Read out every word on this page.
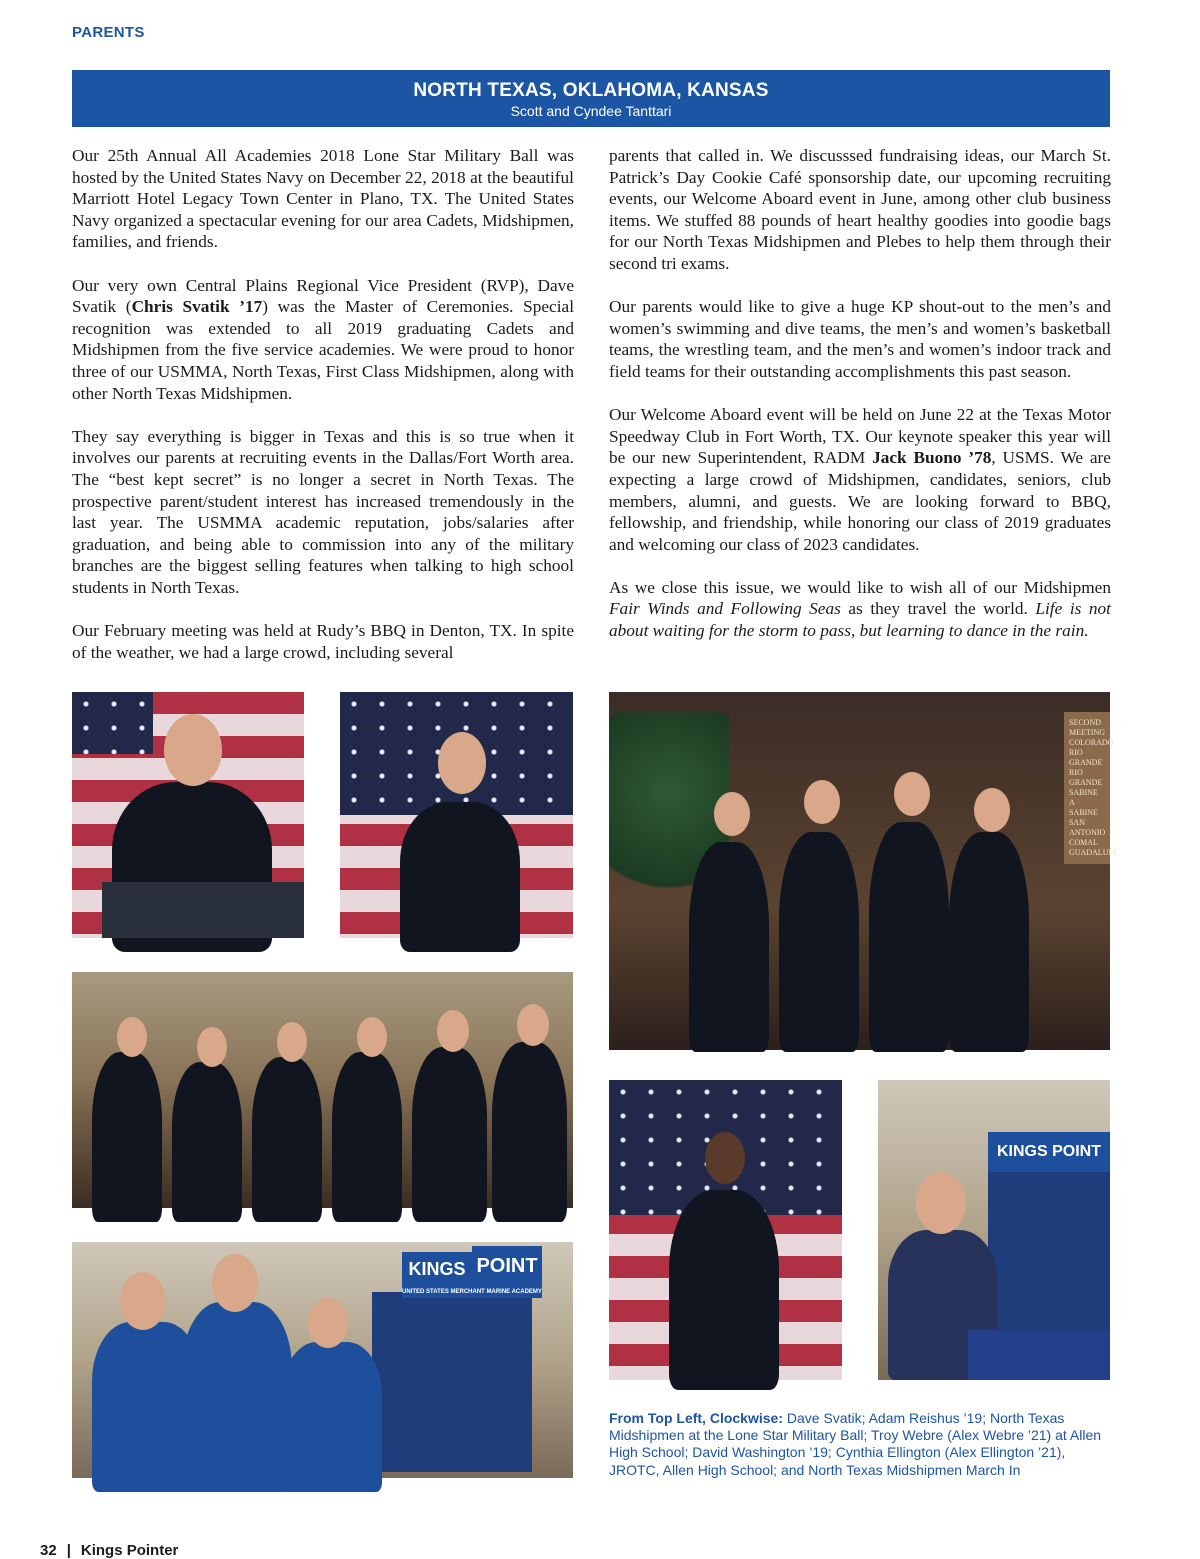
PARENTS
NORTH TEXAS, OKLAHOMA, KANSAS
Scott and Cyndee Tanttari

Our 25th Annual All Academies 2018 Lone Star Military Ball was hosted by the United States Navy on December 22, 2018 at the beautiful Marriott Hotel Legacy Town Center in Plano, TX. The United States Navy organized a spectacular evening for our area Cadets, Midshipmen, families, and friends.

Our very own Central Plains Regional Vice President (RVP), Dave Svatik (Chris Svatik ’17) was the Master of Ceremonies. Special recognition was extended to all 2019 graduating Cadets and Midshipmen from the five service academies. We were proud to honor three of our USMMA, North Texas, First Class Midshipmen, along with other North Texas Midshipmen.

They say everything is bigger in Texas and this is so true when it involves our parents at recruiting events in the Dallas/Fort Worth area. The “best kept secret” is no longer a secret in North Texas. The prospective parent/student interest has increased tremendously in the last year. The USMMA academic reputation, jobs/salaries after graduation, and being able to commission into any of the military branches are the biggest selling features when talking to high school students in North Texas.

Our February meeting was held at Rudy’s BBQ in Denton, TX. In spite of the weather, we had a large crowd, including several

parents that called in. We discusssed fundraising ideas, our March St. Patrick’s Day Cookie Café sponsorship date, our upcoming recruiting events, our Welcome Aboard event in June, among other club business items. We stuffed 88 pounds of heart healthy goodies into goodie bags for our North Texas Midshipmen and Plebes to help them through their second tri exams.

Our parents would like to give a huge KP shout-out to the men’s and women’s swimming and dive teams, the men’s and women’s basketball teams, the wrestling team, and the men’s and women’s indoor track and field teams for their outstanding accomplishments this past season.

Our Welcome Aboard event will be held on June 22 at the Texas Motor Speedway Club in Fort Worth, TX. Our keynote speaker this year will be our new Superintendent, RADM Jack Buono ’78, USMS. We are expecting a large crowd of Midshipmen, candidates, seniors, club members, alumni, and guests. We are looking forward to BBQ, fellowship, and friendship, while honoring our class of 2019 graduates and welcoming our class of 2023 candidates.

As we close this issue, we would like to wish all of our Midshipmen Fair Winds and Following Seas as they travel the world. Life is not about waiting for the storm to pass, but learning to dance in the rain.

SECOND MEETING COLORADO RIO GRANDE RIO GRANDE SABINE A SABINE SAN ANTONIO COMAL GUADALUPE
KINGS POINT
KINGS POINT
UNITED STATES MERCHANT MARINE ACADEMY
From Top Left, Clockwise: Dave Svatik; Adam Reishus ’19; North Texas Midshipmen at the Lone Star Military Ball; Troy Webre (Alex Webre ’21) at Allen High School; David Washington ’19; Cynthia Ellington (Alex Ellington ’21), JROTC, Allen High School; and North Texas Midshipmen March In
32 | Kings Pointer
